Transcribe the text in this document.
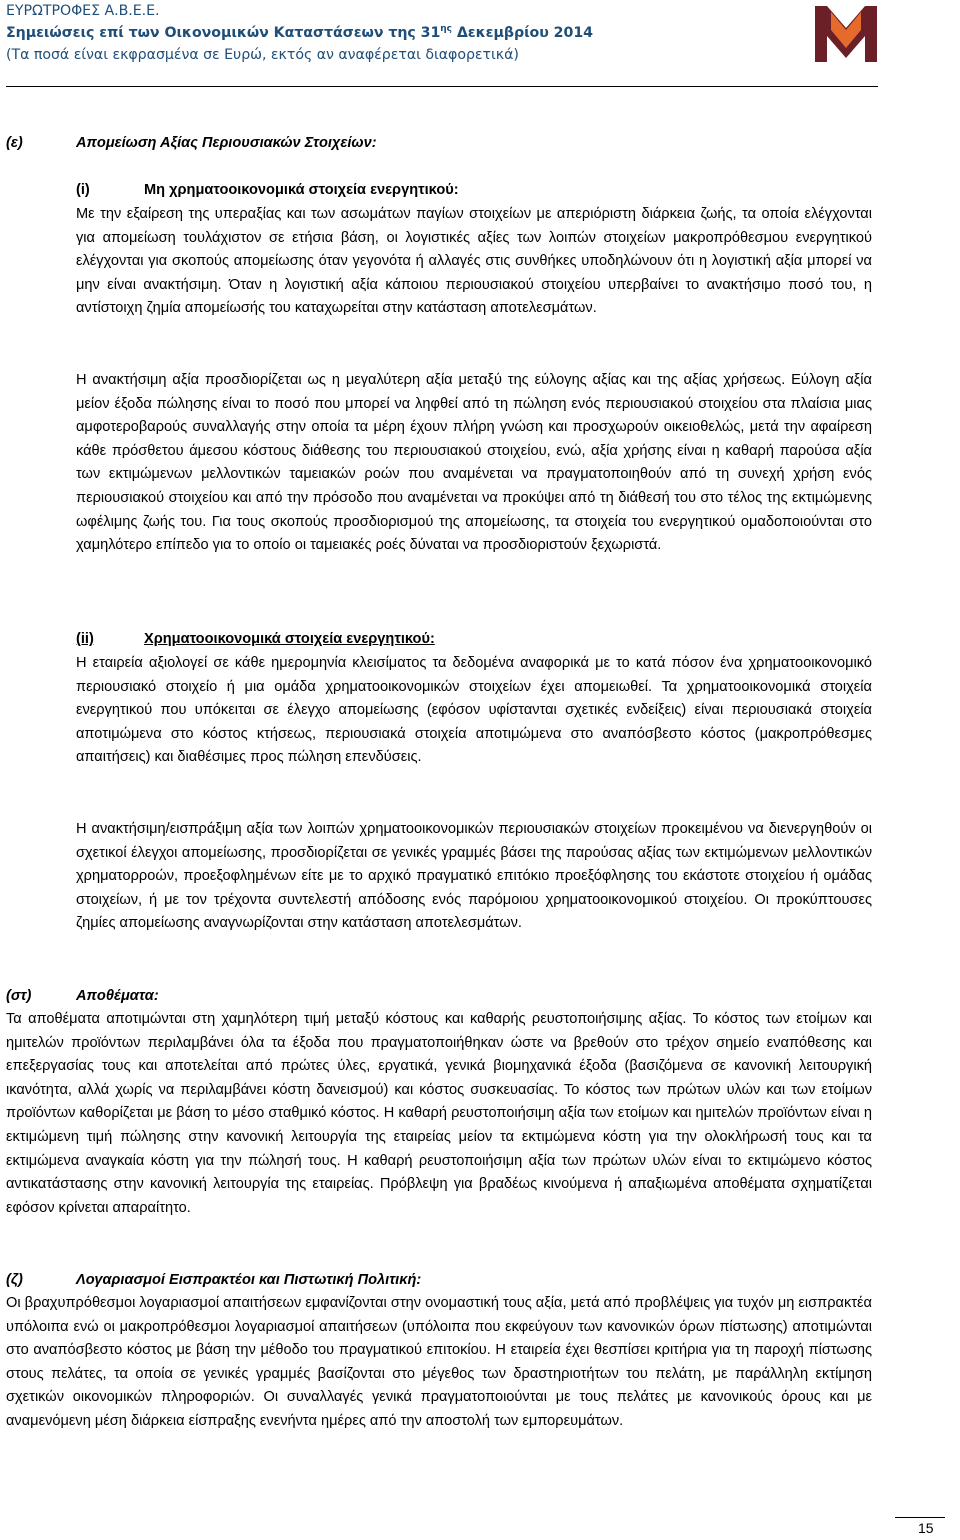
ΕΥΡΩΤΡΟΦΕΣ Α.Β.Ε.Ε.
Σημειώσεις επί των Οικονομικών Καταστάσεων της $31^{\eta\varsigma}$ Δεκεμβρίου 2014
(Τα ποσά είναι εκφρασμένα σε Ευρώ, εκτός αν αναφέρεται διαφορετικά)
(ε)	Απομείωση Αξίας Περιουσιακών Στοιχείων:
(i)	Μη χρηματοοικονομικά στοιχεία ενεργητικού:
Με την εξαίρεση της υπεραξίας και των ασωμάτων παγίων στοιχείων με απεριόριστη διάρκεια ζωής, τα οποία ελέγχονται για απομείωση τουλάχιστον σε ετήσια βάση, οι λογιστικές αξίες των λοιπών στοιχείων μακροπρόθεσμου ενεργητικού ελέγχονται για σκοπούς απομείωσης όταν γεγονότα ή αλλαγές στις συνθήκες υποδηλώνουν ότι η λογιστική αξία μπορεί να μην είναι ανακτήσιμη. Όταν η λογιστική αξία κάποιου περιουσιακού στοιχείου υπερβαίνει το ανακτήσιμο ποσό του, η αντίστοιχη ζημία απομείωσής του καταχωρείται στην κατάσταση αποτελεσμάτων.
Η ανακτήσιμη αξία προσδιορίζεται ως η μεγαλύτερη αξία μεταξύ της εύλογης αξίας και της αξίας χρήσεως. Εύλογη αξία μείον έξοδα πώλησης είναι το ποσό που μπορεί να ληφθεί από τη πώληση ενός περιουσιακού στοιχείου στα πλαίσια μιας αμφοτεροβαρούς συναλλαγής στην οποία τα μέρη έχουν πλήρη γνώση και προσχωρούν οικειοθελώς, μετά την αφαίρεση κάθε πρόσθετου άμεσου κόστους διάθεσης του περιουσιακού στοιχείου, ενώ, αξία χρήσης είναι η καθαρή παρούσα αξία των εκτιμώμενων μελλοντικών ταμειακών ροών που αναμένεται να πραγματοποιηθούν από τη συνεχή χρήση ενός περιουσιακού στοιχείου και από την πρόσοδο που αναμένεται να προκύψει από τη διάθεσή του στο τέλος της εκτιμώμενης ωφέλιμης ζωής του. Για τους σκοπούς προσδιορισμού της απομείωσης, τα στοιχεία του ενεργητικού ομαδοποιούνται στο χαμηλότερο επίπεδο για το οποίο οι ταμειακές ροές δύναται να προσδιοριστούν ξεχωριστά.
(ii)	Χρηματοοικονομικά στοιχεία ενεργητικού:
Η εταιρεία αξιολογεί σε κάθε ημερομηνία κλεισίματος τα δεδομένα αναφορικά με το κατά πόσον ένα χρηματοοικονομικό περιουσιακό στοιχείο ή μια ομάδα χρηματοοικονομικών στοιχείων έχει απομειωθεί. Τα χρηματοοικονομικά στοιχεία ενεργητικού που υπόκειται σε έλεγχο απομείωσης (εφόσον υφίστανται σχετικές ενδείξεις) είναι περιουσιακά στοιχεία αποτιμώμενα στο κόστος κτήσεως, περιουσιακά στοιχεία αποτιμώμενα στο αναπόσβεστο κόστος (μακροπρόθεσμες απαιτήσεις) και διαθέσιμες προς πώληση επενδύσεις.
Η ανακτήσιμη/εισπράξιμη αξία των λοιπών χρηματοοικονομικών περιουσιακών στοιχείων προκειμένου να διενεργηθούν οι σχετικοί έλεγχοι απομείωσης, προσδιορίζεται σε γενικές γραμμές βάσει της παρούσας αξίας των εκτιμώμενων μελλοντικών χρηματορροών, προεξοφλημένων είτε με το αρχικό πραγματικό επιτόκιο προεξόφλησης του εκάστοτε στοιχείου ή ομάδας στοιχείων, ή με τον τρέχοντα συντελεστή απόδοσης ενός παρόμοιου χρηματοοικονομικού στοιχείου. Οι προκύπτουσες ζημίες απομείωσης αναγνωρίζονται στην κατάσταση αποτελεσμάτων.
(στ)	Αποθέματα:
Τα αποθέματα αποτιμώνται στη χαμηλότερη τιμή μεταξύ κόστους και καθαρής ρευστοποιήσιμης αξίας. Το κόστος των ετοίμων και ημιτελών προϊόντων περιλαμβάνει όλα τα έξοδα που πραγματοποιήθηκαν ώστε να βρεθούν στο τρέχον σημείο εναπόθεσης και επεξεργασίας τους και αποτελείται από πρώτες ύλες, εργατικά, γενικά βιομηχανικά έξοδα (βασιζόμενα σε κανονική λειτουργική ικανότητα, αλλά χωρίς να περιλαμβάνει κόστη δανεισμού) και κόστος συσκευασίας. Το κόστος των πρώτων υλών και των ετοίμων προϊόντων καθορίζεται με βάση το μέσο σταθμικό κόστος. Η καθαρή ρευστοποιήσιμη αξία των ετοίμων και ημιτελών προϊόντων είναι η εκτιμώμενη τιμή πώλησης στην κανονική λειτουργία της εταιρείας μείον τα εκτιμώμενα κόστη για την ολοκλήρωσή τους και τα εκτιμώμενα αναγκαία κόστη για την πώλησή τους. Η καθαρή ρευστοποιήσιμη αξία των πρώτων υλών είναι το εκτιμώμενο κόστος αντικατάστασης στην κανονική λειτουργία της εταιρείας. Πρόβλεψη για βραδέως κινούμενα ή απαξιωμένα αποθέματα σχηματίζεται εφόσον κρίνεται απαραίτητο.
(ζ)	Λογαριασμοί Εισπρακτέοι και Πιστωτική Πολιτική:
Οι βραχυπρόθεσμοι λογαριασμοί απαιτήσεων εμφανίζονται στην ονομαστική τους αξία, μετά από προβλέψεις για τυχόν μη εισπρακτέα υπόλοιπα ενώ οι μακροπρόθεσμοι λογαριασμοί απαιτήσεων (υπόλοιπα που εκφεύγουν των κανονικών όρων πίστωσης) αποτιμώνται στο αναπόσβεστο κόστος με βάση την μέθοδο του πραγματικού επιτοκίου. Η εταιρεία έχει θεσπίσει κριτήρια για τη παροχή πίστωσης στους πελάτες, τα οποία σε γενικές γραμμές βασίζονται στο μέγεθος των δραστηριοτήτων του πελάτη, με παράλληλη εκτίμηση σχετικών οικονομικών πληροφοριών. Οι συναλλαγές γενικά πραγματοποιούνται με τους πελάτες με κανονικούς όρους και με αναμενόμενη μέση διάρκεια είσπραξης ενενήντα ημέρες από την αποστολή των εμπορευμάτων.
15
